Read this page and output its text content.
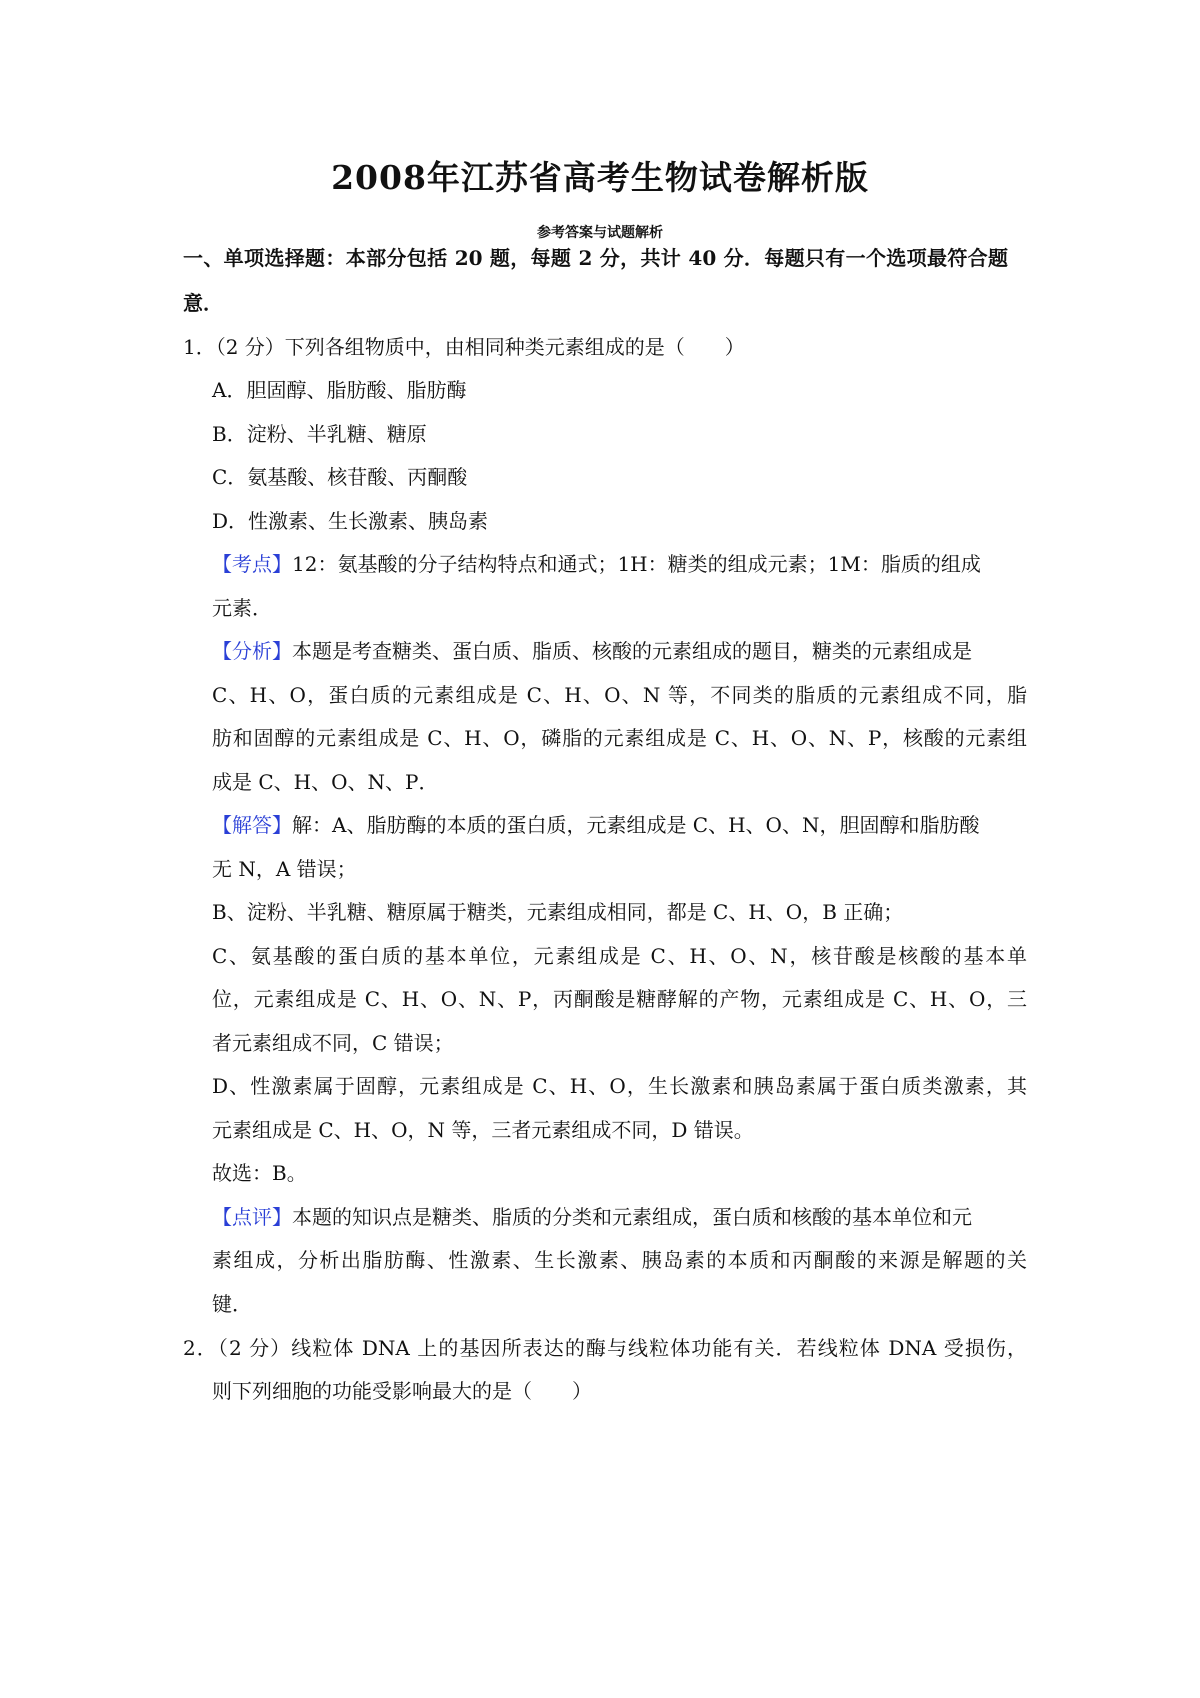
2008年江苏省高考生物试卷解析版
参考答案与试题解析
一、单项选择题：本部分包括 20 题，每题 2 分，共计 40 分．每题只有一个选项最符合题
意．
1．（2 分）下列各组物质中，由相同种类元素组成的是（　　）
A．胆固醇、脂肪酸、脂肪酶
B．淀粉、半乳糖、糖原
C．氨基酸、核苷酸、丙酮酸
D．性激素、生长激素、胰岛素
【考点】12：氨基酸的分子结构特点和通式；1H：糖类的组成元素；1M：脂质的组成
元素．
【分析】本题是考查糖类、蛋白质、脂质、核酸的元素组成的题目，糖类的元素组成是
C、H、O，蛋白质的元素组成是 C、H、O、N 等，不同类的脂质的元素组成不同，脂
肪和固醇的元素组成是 C、H、O，磷脂的元素组成是 C、H、O、N、P，核酸的元素组
成是 C、H、O、N、P．
【解答】解：A、脂肪酶的本质的蛋白质，元素组成是 C、H、O、N，胆固醇和脂肪酸
无 N，A 错误；
B、淀粉、半乳糖、糖原属于糖类，元素组成相同，都是 C、H、O，B 正确；
C、氨基酸的蛋白质的基本单位，元素组成是 C、H、O、N，核苷酸是核酸的基本单
位，元素组成是 C、H、O、N、P，丙酮酸是糖酵解的产物，元素组成是 C、H、O，三
者元素组成不同，C 错误；
D、性激素属于固醇，元素组成是 C、H、O，生长激素和胰岛素属于蛋白质类激素，其
元素组成是 C、H、O，N 等，三者元素组成不同，D 错误。
故选：B。
【点评】本题的知识点是糖类、脂质的分类和元素组成，蛋白质和核酸的基本单位和元
素组成，分析出脂肪酶、性激素、生长激素、胰岛素的本质和丙酮酸的来源是解题的关
键．
2．（2 分）线粒体 DNA 上的基因所表达的酶与线粒体功能有关．若线粒体 DNA 受损伤，
则下列细胞的功能受影响最大的是（　　）
